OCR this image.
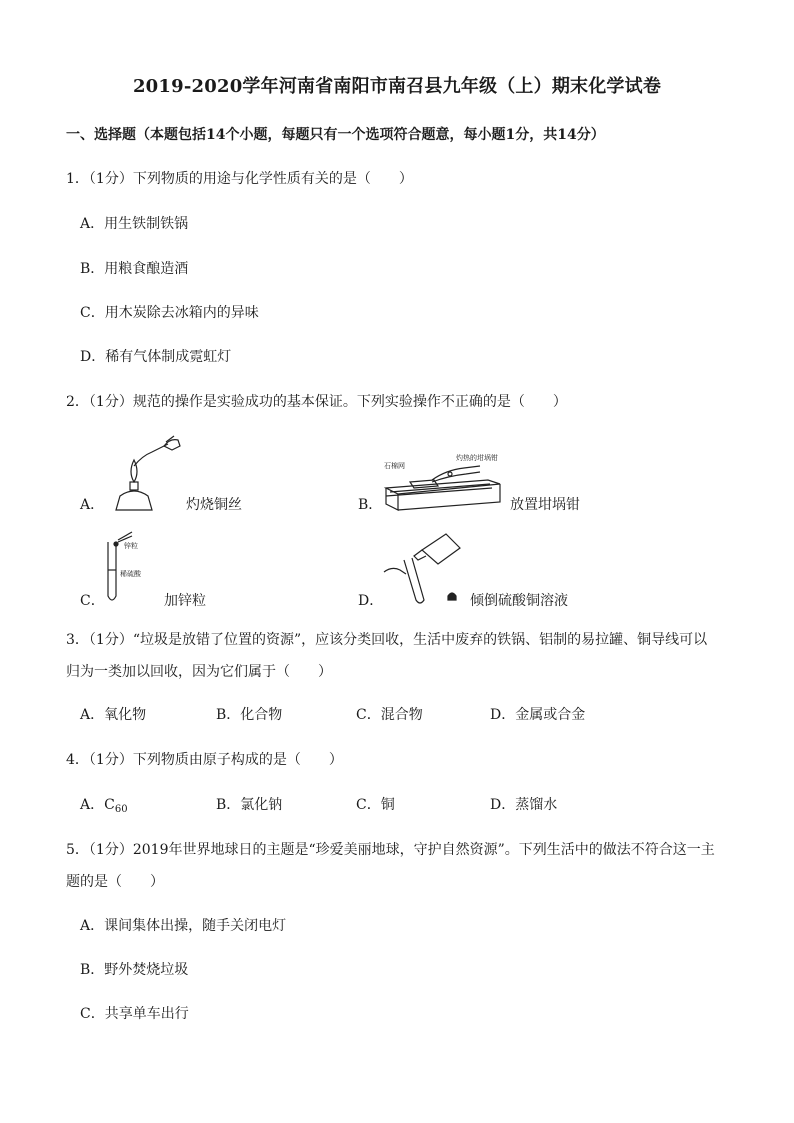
2019-2020学年河南省南阳市南召县九年级（上）期末化学试卷
一、选择题（本题包括14个小题，每题只有一个选项符合题意，每小题1分，共14分）
1．（1分）下列物质的用途与化学性质有关的是（　　）
A．用生铁制铁锅
B．用粮食酿造酒
C．用木炭除去冰箱内的异味
D．稀有气体制成霓虹灯
2．（1分）规范的操作是实验成功的基本保证。下列实验操作不正确的是（　　）
A．	灼烧铜丝	B．
石棉网
灼热的坩埚钳
放置坩埚钳
C．
锌粒
稀硫酸
加锌粒	D．	倾倒硫酸铜溶液
3．（1分）“垃圾是放错了位置的资源”，应该分类回收，生活中废弃的铁锅、铝制的易拉罐、铜导线可以
归为一类加以回收，因为它们属于（　　）
A．氧化物	B．化合物	C．混合物	D．金属或合金
4．（1分）下列物质由原子构成的是（　　）
A．$C_{60}$	B．氯化钠	C．铜	D．蒸馏水
5．（1分）2019年世界地球日的主题是“珍爱美丽地球，守护自然资源”。下列生活中的做法不符合这一主
题的是（　　）
A．课间集体出操，随手关闭电灯
B．野外焚烧垃圾
C．共享单车出行
